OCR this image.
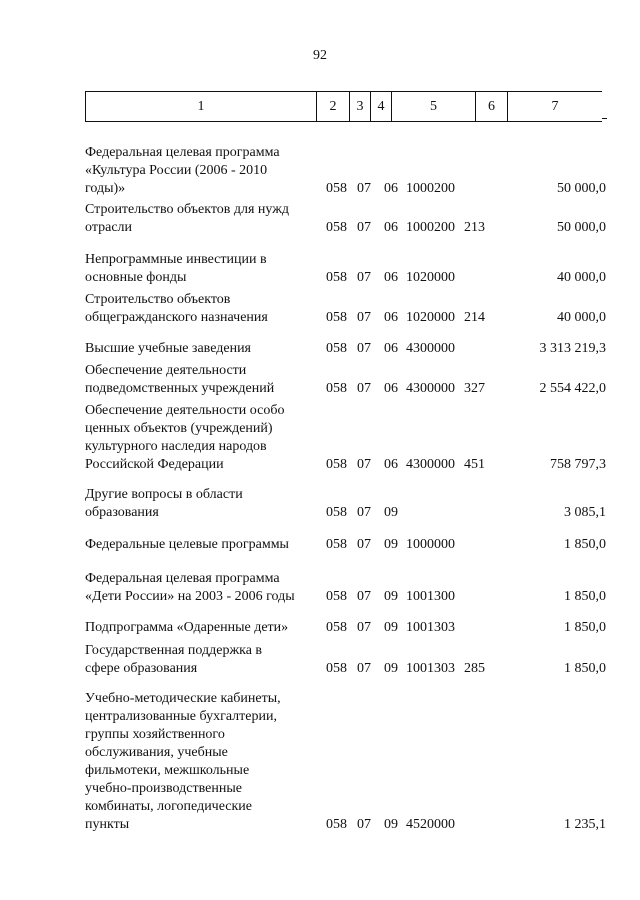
92
1	2	3	4	5	6	7
Федеральная целевая программа
«Культура России (2006 - 2010
годы)»	058 07 06 1000200	50 000,0
Строительство объектов для нужд
отрасли	058 07 06 1000200 213	50 000,0
Непрограммные инвестиции в
основные фонды	058 07 06 1020000	40 000,0
Строительство объектов
общегражданского назначения	058 07 06 1020000 214	40 000,0
Высшие учебные заведения	058 07 06 4300000	3 313 219,3
Обеспечение деятельности
подведомственных учреждений	058 07 06 4300000 327	2 554 422,0
Обеспечение деятельности особо
ценных объектов (учреждений)
культурного наследия народов
Российской Федерации	058 07 06 4300000 451	758 797,3
Другие вопросы в области
образования	058 07 09	3 085,1
Федеральные целевые программы	058 07 09 1000000	1 850,0
Федеральная целевая программа
«Дети России» на 2003 - 2006 годы	058 07 09 1001300	1 850,0
Подпрограмма «Одаренные дети»	058 07 09 1001303	1 850,0
Государственная поддержка в
сфере образования	058 07 09 1001303 285	1 850,0
Учебно-методические кабинеты,
централизованные бухгалтерии,
группы хозяйственного
обслуживания, учебные
фильмотеки, межшкольные
учебно-производственные
комбинаты, логопедические
пункты	058 07 09 4520000	1 235,1
